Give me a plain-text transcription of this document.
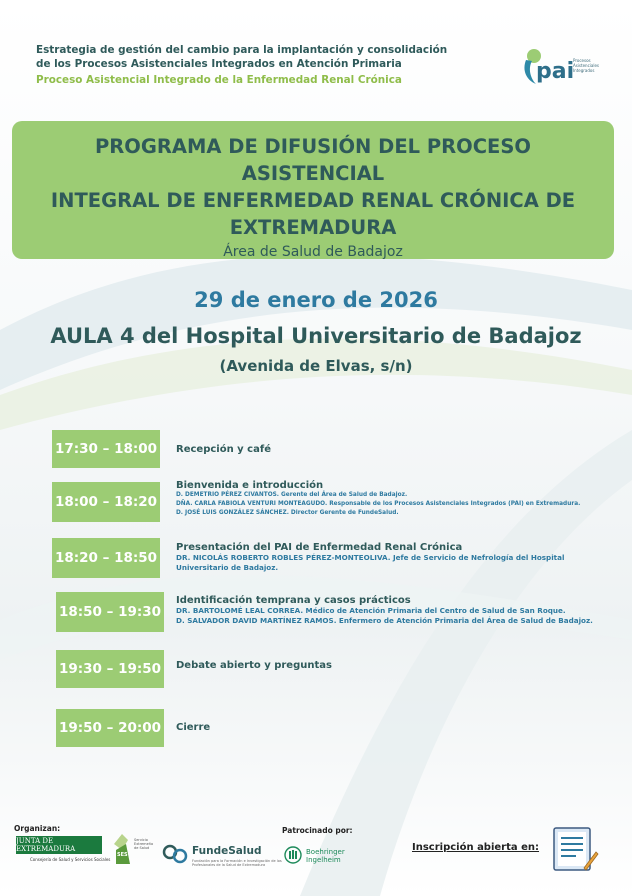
Estrategia de gestión del cambio para la implantación y consolidación
de los Procesos Asistenciales Integrados en Atención Primaria
Proceso Asistencial Integrado de la Enfermedad Renal Crónica	pai
Procesos Asistenciales Integrados
PROGRAMA DE DIFUSIÓN DEL PROCESO ASISTENCIAL
INTEGRAL DE ENFERMEDAD RENAL CRÓNICA DE
EXTREMADURA
Área de Salud de Badajoz
29 de enero de 2026
AULA 4 del Hospital Universitario de Badajoz
(Avenida de Elvas, s/n)
17:30 – 18:00 Recepción y café
18:00 – 18:20
Bienvenida e introducción
D. DEMETRIO PÉREZ CIVANTOS. Gerente del Área de Salud de Badajoz.
DÑA. CARLA FABIOLA VENTURI MONTEAGUDO. Responsable de los Procesos Asistenciales Integrados (PAI) en Extremadura.
D. JOSÉ LUIS GONZÁLEZ SÁNCHEZ. Director Gerente de FundeSalud.
18:20 – 18:50
Presentación del PAI de Enfermedad Renal Crónica
DR. NICOLÁS ROBERTO ROBLES PÉREZ-MONTEOLIVA. Jefe de Servicio de Nefrología del Hospital
Universitario de Badajoz.
18:50 – 19:30
Identificación temprana y casos prácticos
DR. BARTOLOMÉ LEAL CORREA. Médico de Atención Primaria del Centro de Salud de San Roque.
D. SALVADOR DAVID MARTÍNEZ RAMOS. Enfermero de Atención Primaria del Área de Salud de Badajoz.
19:30 – 19:50 Debate abierto y preguntas
19:50 – 20:00 Cierre
Organizan:
JUNTA DE EXTREMADURA
Consejería de Salud y Servicios Sociales
SES
Servicio Extremeño de Salud	FundeSalud
Fundación para la Formación e Investigación de los Profesionales de la Salud de Extremadura
Patrocinado por:
Boehringer
Ingelheim
Inscripción abierta en:
